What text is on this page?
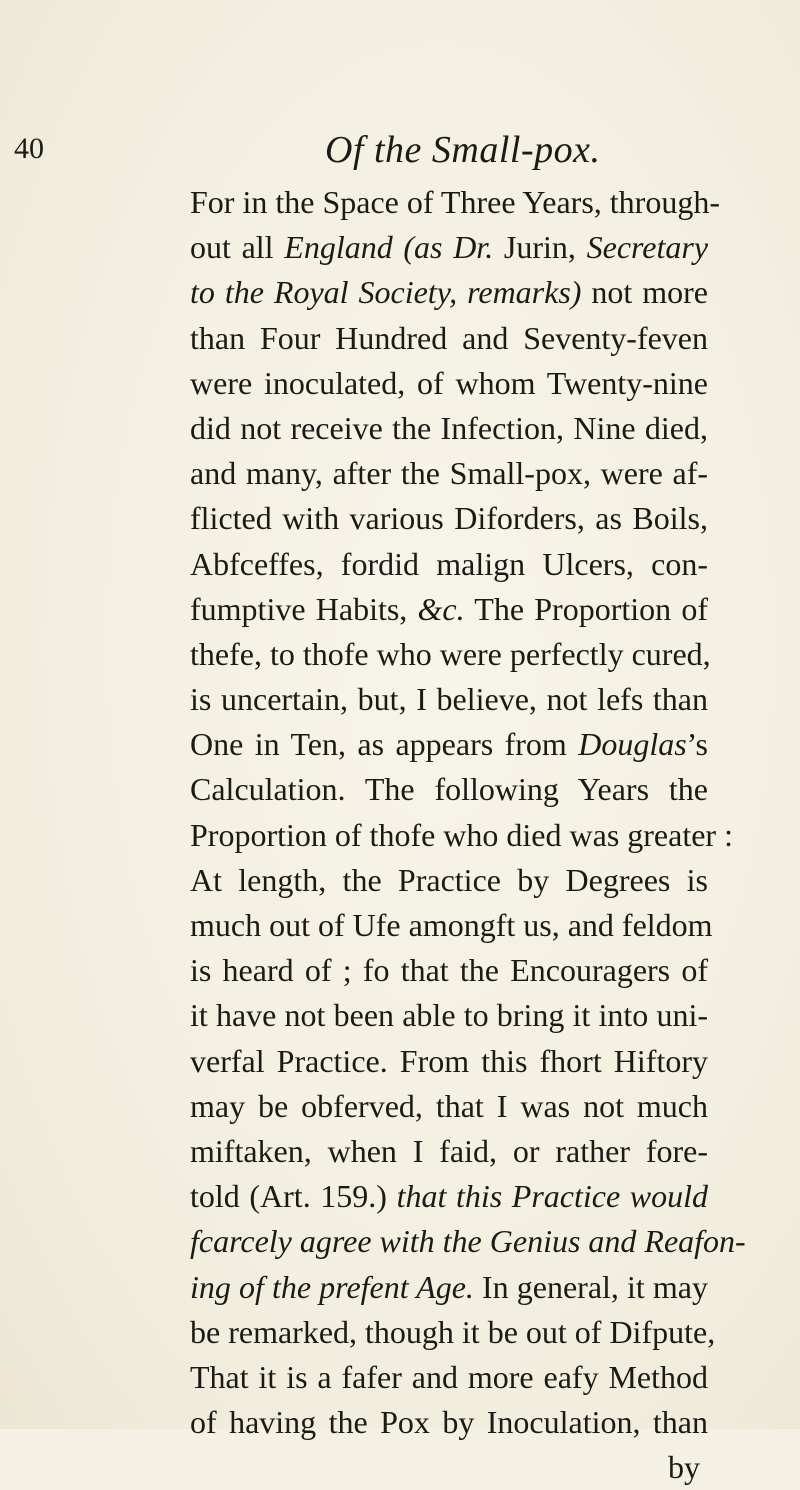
40	Of the Small-pox.
For in the Space of Three Years, through-
out all England (as Dr. Jurin, Secretary
to the Royal Society, remarks) not more
than Four Hundred and Seventy-feven
were inoculated, of whom Twenty-nine
did not receive the Infection, Nine died,
and many, after the Small-pox, were af-
flicted with various Diforders, as Boils,
Abfceffes, fordid malign Ulcers, con-
fumptive Habits, &c. The Proportion of
thefe, to thofe who were perfectly cured,
is uncertain, but, I believe, not lefs than
One in Ten, as appears from Douglas’s
Calculation. The following Years the
Proportion of thofe who died was greater :
At length, the Practice by Degrees is
much out of Ufe amongft us, and feldom
is heard of ; fo that the Encouragers of
it have not been able to bring it into uni-
verfal Practice. From this fhort Hiftory
may be obferved, that I was not much
miftaken, when I faid, or rather fore-
told (Art. 159.) that this Practice would
fcarcely agree with the Genius and Reafon-
ing of the prefent Age. In general, it may
be remarked, though it be out of Difpute,
That it is a fafer and more eafy Method
of having the Pox by Inoculation, than
by
